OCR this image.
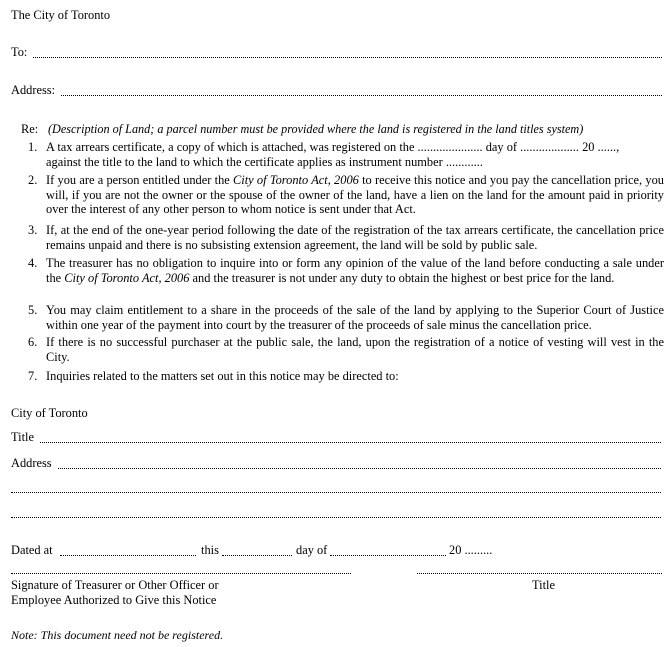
The City of Toronto
To:
Address:
Re: (Description of Land; a parcel number must be provided where the land is registered in the land titles system)
1. A tax arrears certificate, a copy of which is attached, was registered on the ..................... day of ................... 20 ......,
against the title to the land to which the certificate applies as instrument number ............
2. If you are a person entitled under the City of Toronto Act, 2006 to receive this notice and you pay the cancellation price, you will, if you are not the owner or the spouse of the owner of the land, have a lien on the land for the amount paid in priority over the interest of any other person to whom notice is sent under that Act.
3. If, at the end of the one-year period following the date of the registration of the tax arrears certificate, the cancellation price remains unpaid and there is no subsisting extension agreement, the land will be sold by public sale.
4. The treasurer has no obligation to inquire into or form any opinion of the value of the land before conducting a sale under the City of Toronto Act, 2006 and the treasurer is not under any duty to obtain the highest or best price for the land.
5. You may claim entitlement to a share in the proceeds of the sale of the land by applying to the Superior Court of Justice within one year of the payment into court by the treasurer of the proceeds of sale minus the cancellation price.
6. If there is no successful purchaser at the public sale, the land, upon the registration of a notice of vesting will vest in the City.
7. Inquiries related to the matters set out in this notice may be directed to:
City of Toronto
Title
Address
Dated at	this	day of	20 .........
Signature of Treasurer or Other Officer or
Employee Authorized to Give this Notice
Title
Note: This document need not be registered.
